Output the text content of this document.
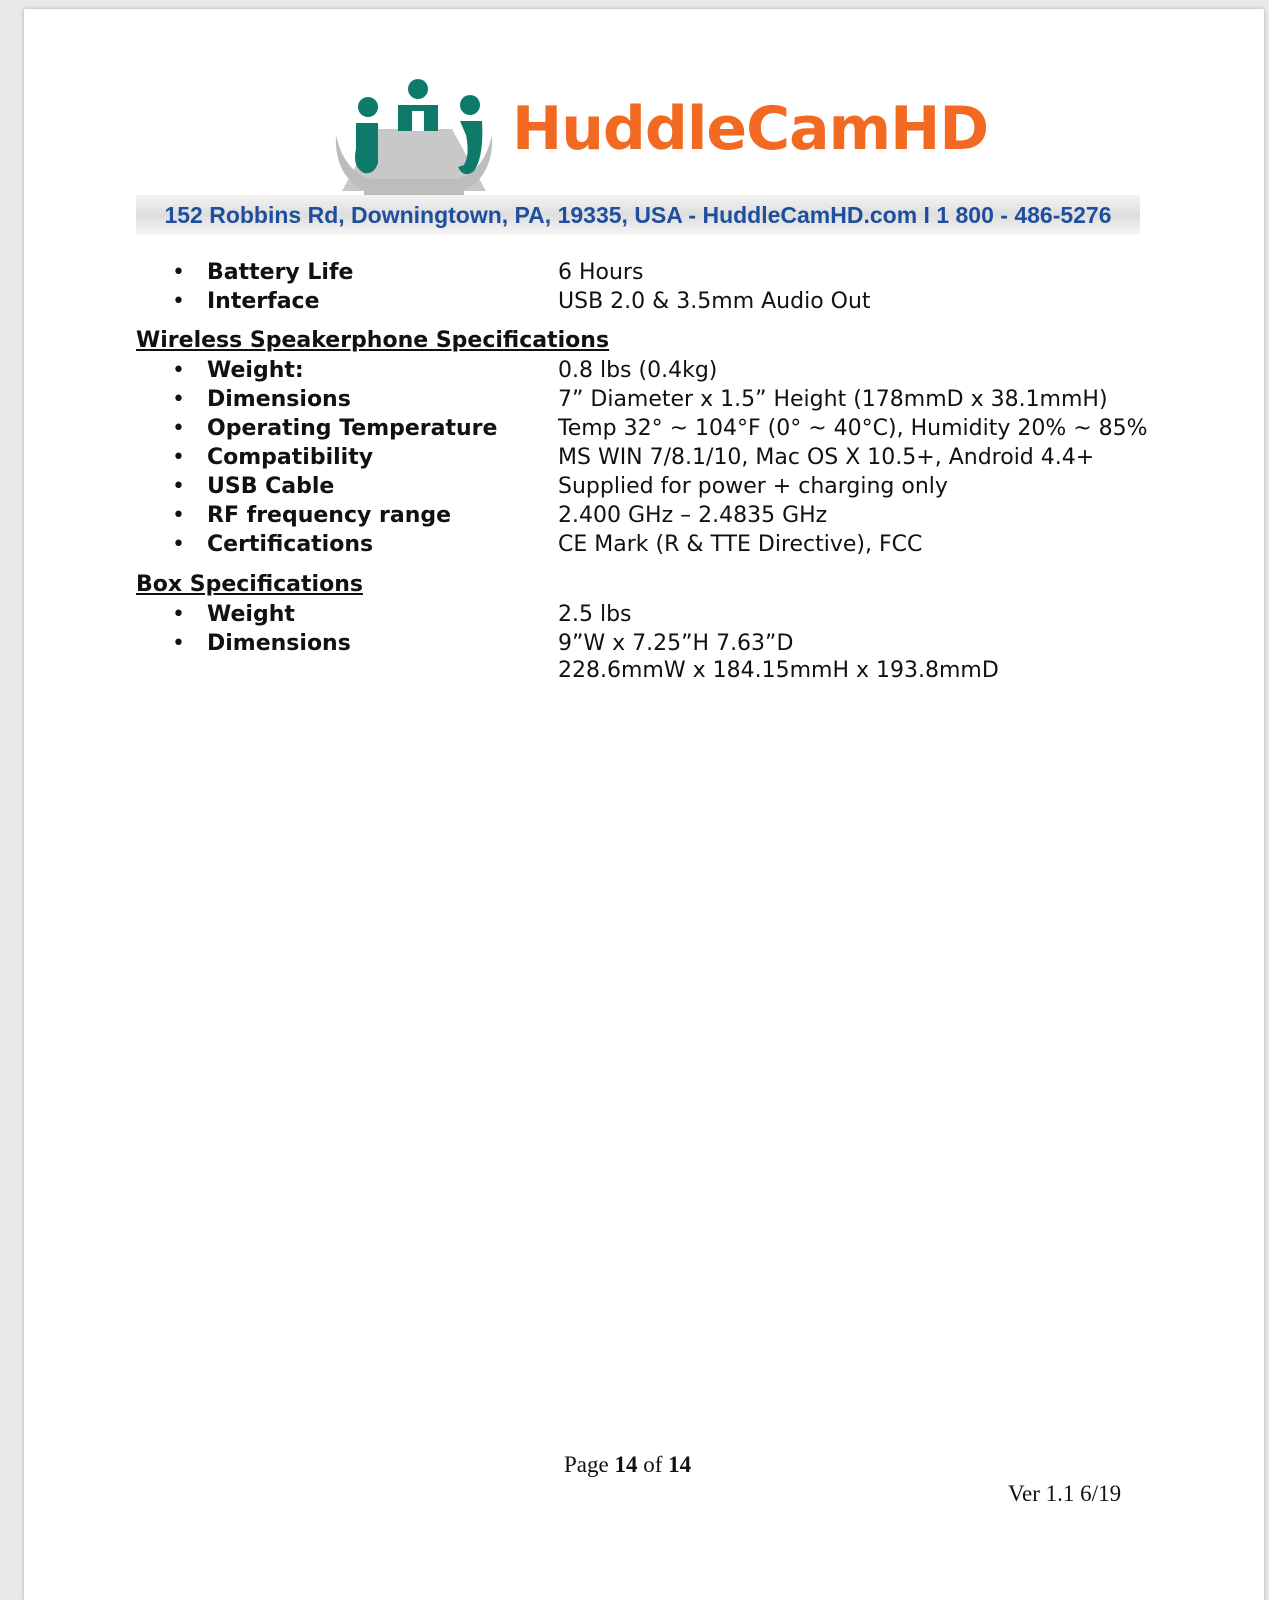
HuddleCamHD
152 Robbins Rd, Downingtown, PA, 19335, USA - HuddleCamHD.com I 1 800 - 486-5276
• Battery Life	6 Hours
• Interface	USB 2.0 & 3.5mm Audio Out
Wireless Speakerphone Specifications
• Weight:	0.8 lbs (0.4kg)
• Dimensions	7” Diameter x 1.5” Height (178mmD x 38.1mmH)
• Operating Temperature	Temp 32° ~ 104°F (0° ~ 40°C), Humidity 20% ~ 85%
• Compatibility	MS WIN 7/8.1/10, Mac OS X 10.5+, Android 4.4+
• USB Cable	Supplied for power + charging only
• RF frequency range	2.400 GHz – 2.4835 GHz
• Certifications	CE Mark (R & TTE Directive), FCC
Box Specifications
• Weight	2.5 lbs
• Dimensions	9”W x 7.25”H 7.63”D
228.6mmW x 184.15mmH x 193.8mmD
Page 14 of 14
Ver 1.1 6/19
